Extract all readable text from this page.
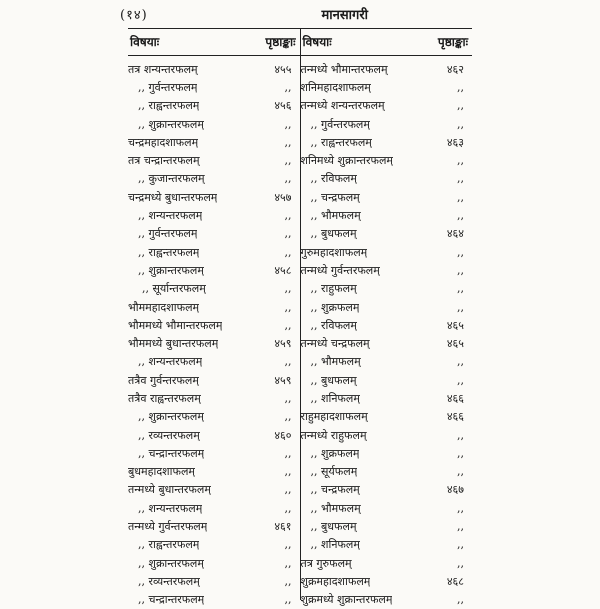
(१४)	मानसागरी
विषयाः	पृष्ठाङ्काः
तत्र शन्यन्तरफलम्	४५५
,, गुर्वन्तरफलम्	,,
,, राह्वन्तरफलम्	४५६
,, शुक्रान्तरफलम्	,,
चन्द्रमहादशाफलम्	,,
तत्र चन्द्रान्तरफलम्	,,
,, कुजान्तरफलम्	,,
चन्द्रमध्ये बुधान्तरफलम्	४५७
,, शन्यन्तरफलम्	,,
,, गुर्वन्तरफलम्	,,
,, राह्वन्तरफलम्	,,
,, शुक्रान्तरफलम्	४५८
,, सूर्यान्तरफलम्	,,
भौममहादशाफलम्	,,
भौममध्ये भौमान्तरफलम्	,,
भौममध्ये बुधान्तरफलम्	४५९
,, शन्यन्तरफलम्	,,
तत्रैव गुर्वन्तरफलम्	४५९
तत्रैव राह्वन्तरफलम्	,,
,, शुक्रान्तरफलम्	,,
,, रव्यन्तरफलम्	४६०
,, चन्द्रान्तरफलम्	,,
बुधमहादशाफलम्	,,
तन्मध्ये बुधान्तरफलम्	,,
,, शन्यन्तरफलम्	,,
तन्मध्ये गुर्वन्तरफलम्	४६१
,, राह्वन्तरफलम्	,,
,, शुक्रान्तरफलम्	,,
,, रव्यन्तरफलम्	,,
,, चन्द्रान्तरफलम्	,,
विषयाः	पृष्ठाङ्काः
तन्मध्ये भौमान्तरफलम्	४६२
शनिमहादशाफलम्	,,
तन्मध्ये शन्यन्तरफलम्	,,
,, गुर्वन्तरफलम्	,,
,, राह्वन्तरफलम्	४६३
शनिमध्ये शुक्रान्तरफलम्	,,
,, रविफलम्	,,
,, चन्द्रफलम्	,,
,, भौमफलम्	,,
,, बुधफलम्	४६४
गुरुमहादशाफलम्	,,
तन्मध्ये गुर्वन्तरफलम्	,,
,, राहुफलम्	,,
,, शुक्रफलम्	,,
,, रविफलम्	४६५
तन्मध्ये चन्द्रफलम्	४६५
,, भौमफलम्	,,
,, बुधफलम्	,,
,, शनिफलम्	४६६
राहुमहादशाफलम्	४६६
तन्मध्ये राहुफलम्	,,
,, शुक्रफलम्	,,
,, सूर्यफलम्	,,
,, चन्द्रफलम्	४६७
,, भौमफलम्	,,
,, बुधफलम्	,,
,, शनिफलम्	,,
तत्र गुरुफलम्	,,
शुक्रमहादशाफलम्	४६८
शुक्रमध्ये शुक्रान्तरफलम्	,,
